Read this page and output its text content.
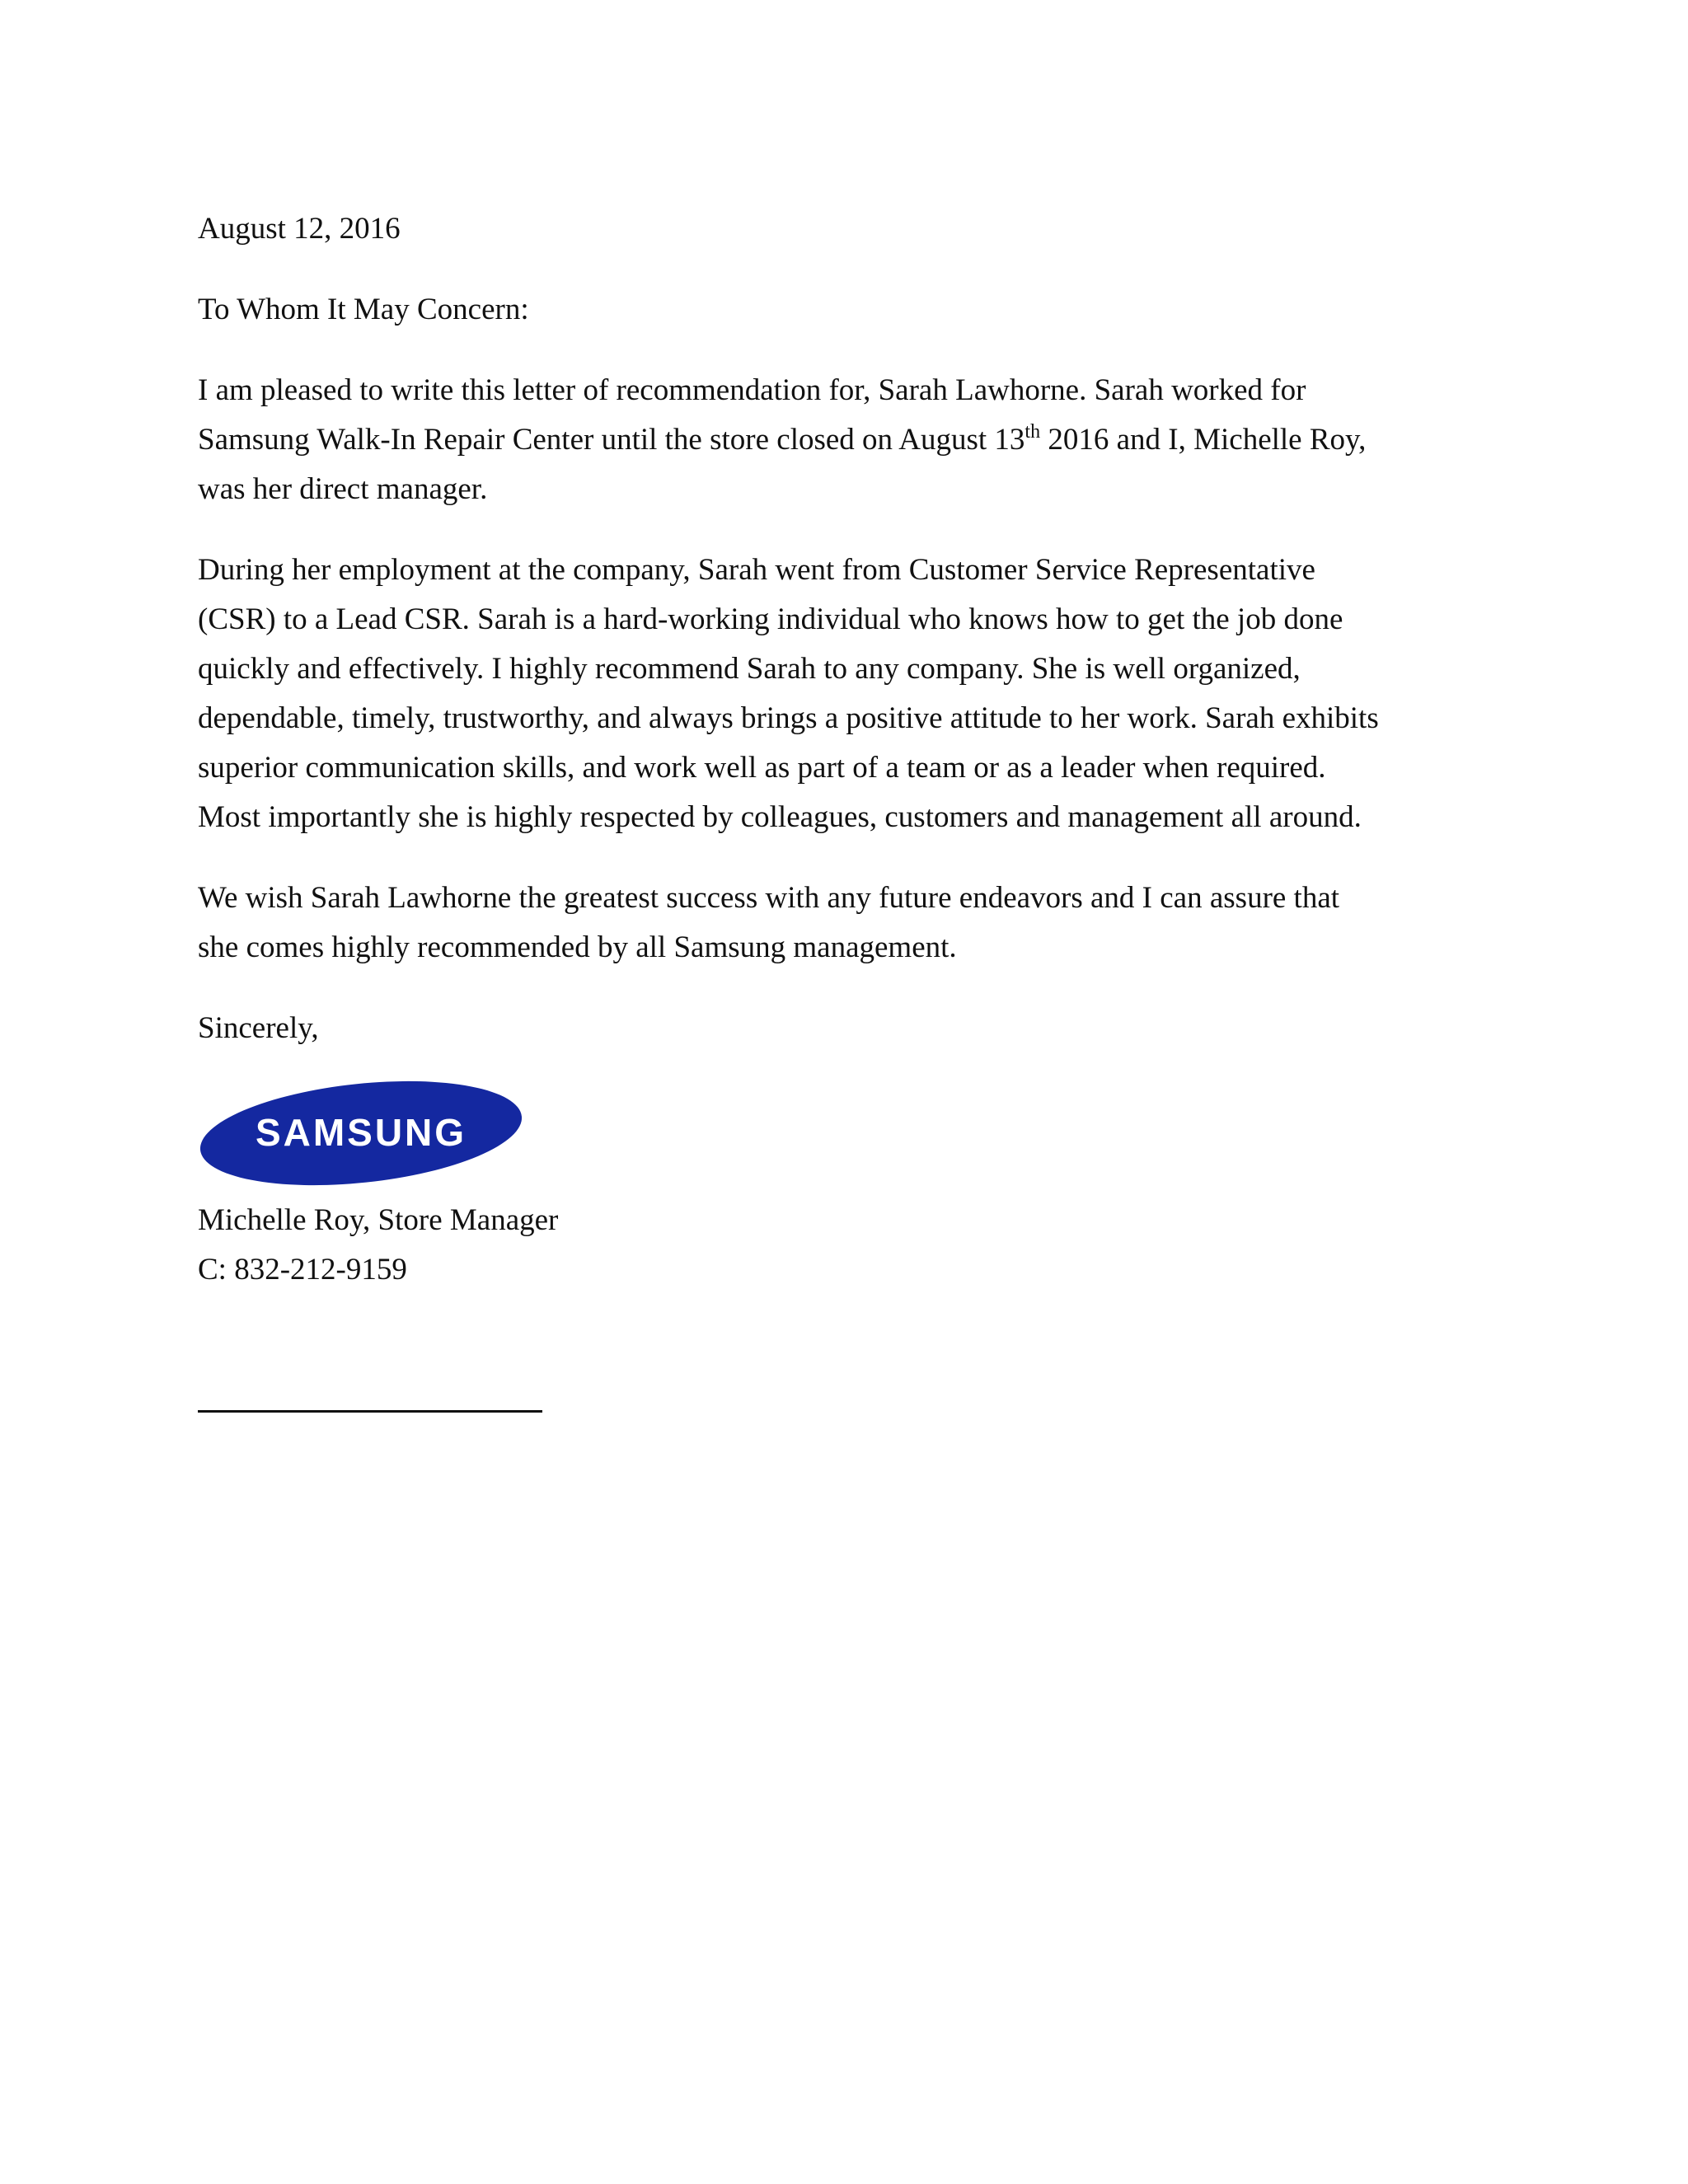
August 12, 2016

To Whom It May Concern:

I am pleased to write this letter of recommendation for, Sarah Lawhorne. Sarah worked for
Samsung Walk-In Repair Center until the store closed on August 13th 2016 and I, Michelle Roy,
was her direct manager.

During her employment at the company, Sarah went from Customer Service Representative
(CSR) to a Lead CSR. Sarah is a hard-working individual who knows how to get the job done
quickly and effectively. I highly recommend Sarah to any company. She is well organized,
dependable, timely, trustworthy, and always brings a positive attitude to her work. Sarah exhibits
superior communication skills, and work well as part of a team or as a leader when required.
Most importantly she is highly respected by colleagues, customers and management all around.

We wish Sarah Lawhorne the greatest success with any future endeavors and I can assure that
she comes highly recommended by all Samsung management.

Sincerely,

SAMSUNG

Michelle Roy, Store Manager
C: 832-212-9159
